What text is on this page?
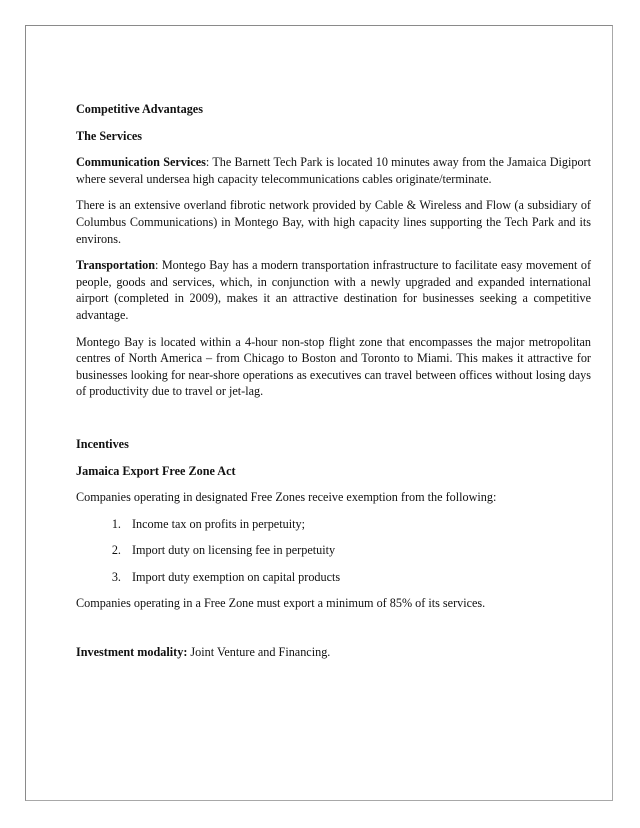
Competitive Advantages

The Services

Communication Services: The Barnett Tech Park is located 10 minutes away from the Jamaica Digiport where several undersea high capacity telecommunications cables originate/terminate.

There is an extensive overland fibrotic network provided by Cable & Wireless and Flow (a subsidiary of Columbus Communications) in Montego Bay, with high capacity lines supporting the Tech Park and its environs.

Transportation: Montego Bay has a modern transportation infrastructure to facilitate easy movement of people, goods and services, which, in conjunction with a newly upgraded and expanded international airport (completed in 2009), makes it an attractive destination for businesses seeking a competitive advantage.

Montego Bay is located within a 4-hour non-stop flight zone that encompasses the major metropolitan centres of North America – from Chicago to Boston and Toronto to Miami. This makes it attractive for businesses looking for near-shore operations as executives can travel between offices without losing days of productivity due to travel or jet-lag.

Incentives

Jamaica Export Free Zone Act

Companies operating in designated Free Zones receive exemption from the following:

1. Income tax on profits in perpetuity;
2. Import duty on licensing fee in perpetuity
3. Import duty exemption on capital products

Companies operating in a Free Zone must export a minimum of 85% of its services.

Investment modality: Joint Venture and Financing.
